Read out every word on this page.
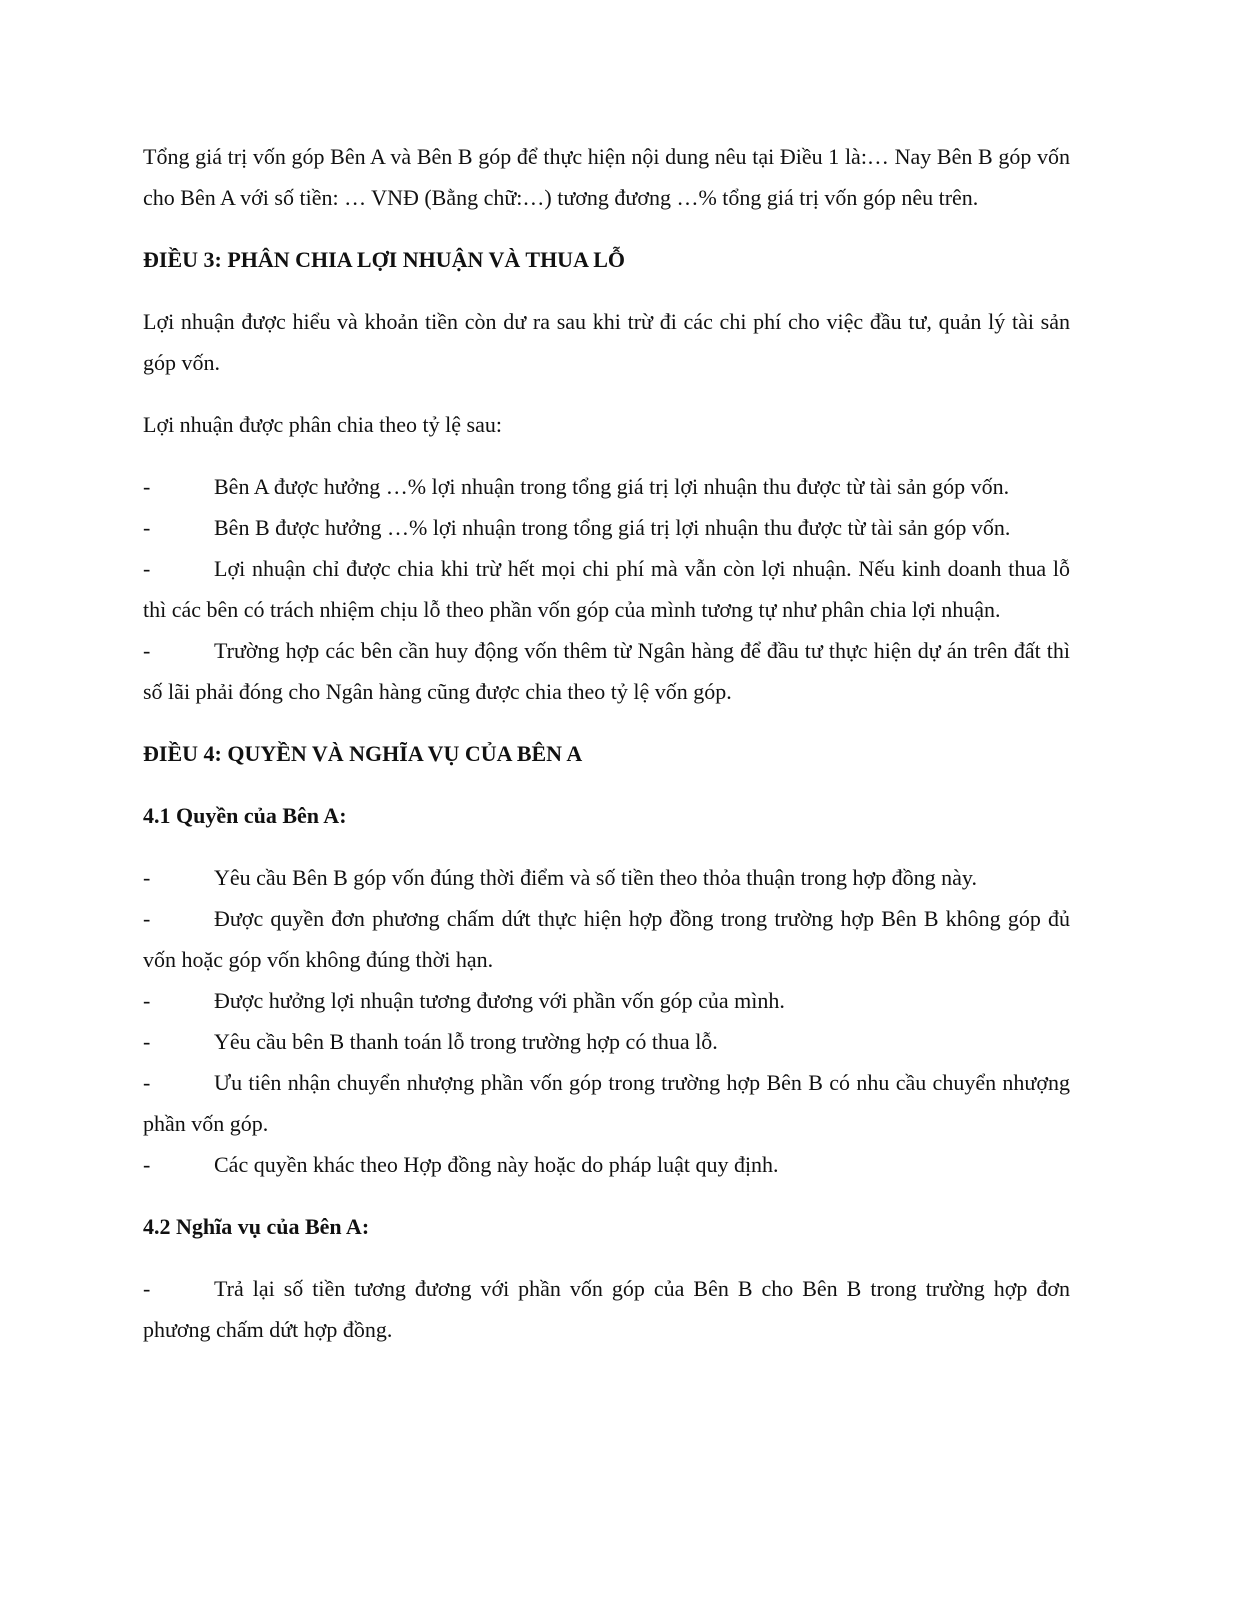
Tổng giá trị vốn góp Bên A và Bên B góp để thực hiện nội dung nêu tại Điều 1 là:… Nay Bên B góp vốn cho Bên A với số tiền: … VNĐ (Bằng chữ:…) tương đương …% tổng giá trị vốn góp nêu trên.

ĐIỀU 3: PHÂN CHIA LỢI NHUẬN VÀ THUA LỖ

Lợi nhuận được hiểu và khoản tiền còn dư ra sau khi trừ đi các chi phí cho việc đầu tư, quản lý tài sản góp vốn.

Lợi nhuận được phân chia theo tỷ lệ sau:

-	Bên A được hưởng …% lợi nhuận trong tổng giá trị lợi nhuận thu được từ tài sản góp vốn.

-	Bên B được hưởng …% lợi nhuận trong tổng giá trị lợi nhuận thu được từ tài sản góp vốn.

-	Lợi nhuận chỉ được chia khi trừ hết mọi chi phí mà vẫn còn lợi nhuận. Nếu kinh doanh thua lỗ thì các bên có trách nhiệm chịu lỗ theo phần vốn góp của mình tương tự như phân chia lợi nhuận.

-	Trường hợp các bên cần huy động vốn thêm từ Ngân hàng để đầu tư thực hiện dự án trên đất thì số lãi phải đóng cho Ngân hàng cũng được chia theo tỷ lệ vốn góp.

ĐIỀU 4: QUYỀN VÀ NGHĨA VỤ CỦA BÊN A

4.1 Quyền của Bên A:

-	Yêu cầu Bên B góp vốn đúng thời điểm và số tiền theo thỏa thuận trong hợp đồng này.

-	Được quyền đơn phương chấm dứt thực hiện hợp đồng trong trường hợp Bên B không góp đủ vốn hoặc góp vốn không đúng thời hạn.

-	Được hưởng lợi nhuận tương đương với phần vốn góp của mình.

-	Yêu cầu bên B thanh toán lỗ trong trường hợp có thua lỗ.

-	Ưu tiên nhận chuyển nhượng phần vốn góp trong trường hợp Bên B có nhu cầu chuyển nhượng phần vốn góp.

-	Các quyền khác theo Hợp đồng này hoặc do pháp luật quy định.

4.2 Nghĩa vụ của Bên A:

-	Trả lại số tiền tương đương với phần vốn góp của Bên B cho Bên B trong trường hợp đơn phương chấm dứt hợp đồng.
